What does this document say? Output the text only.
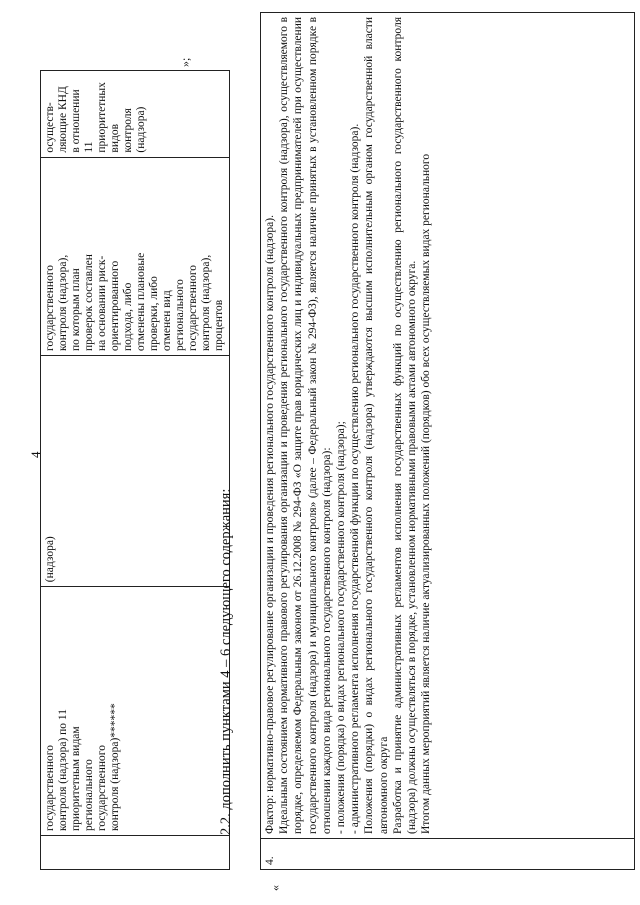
4
	государственного
контроля (надзора) по 11
приоритетным видам
регионального
государственного
контроля (надзора)******	(надзора)	государственного
контроля (надзора),
по которым план
проверок составлен
на основании риск-
ориентированного
подхода, либо
отменены плановые
проверки, либо
отменен вид
регионального
государственного
контроля (надзора),
процентов	осуществ-
ляющие КНД
в отношении
11
приоритетных
видов
контроля
(надзора)
»;
2.2. дополнить пунктами 4 – 6 следующего содержания:
«
4.	
Фактор: нормативно-правовое регулирование организации и проведения регионального государственного контроля (надзора). Идеальным состоянием нормативного правового регулирования организации и проведения регионального государственного контроля (надзора), осуществляемого в порядке, определяемом Федеральным законом от 26.12.2008 № 294-ФЗ «О защите прав юридических лиц и индивидуальных предпринимателей при осуществлении государственного контроля (надзора) и муниципального контроля» (далее – Федеральный закон № 294-ФЗ), является наличие принятых в установленном порядке в отношении каждого вида регионального государственного контроля (надзора): - положения (порядка) о видах регионального государственного контроля (надзора); - административного регламента исполнения государственной функции по осуществлению регионального государственного контроля (надзора). Положения (порядки) о видах регионального государственного контроля (надзора) утверждаются высшим исполнительным органом государственной власти автономного округа Разработка и принятие административных регламентов исполнения государственных функций по осуществлению регионального государственного контроля (надзора) должны осуществляться в порядке, установленном нормативными правовыми актами автономного округа. Итогом данных мероприятий является наличие актуализированных положений (порядков) обо всех осуществляемых видах регионального
